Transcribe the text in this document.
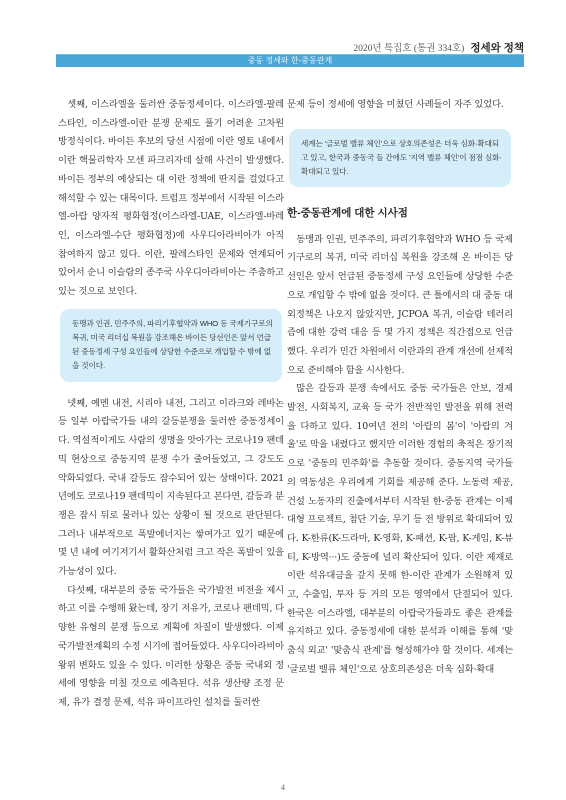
2020년 특집호 (통권 334호) 정세와 정책
중동 정세와 한-중동관계

셋째, 이스라엘을 둘러싼 중동정세이다. 이스라엘-팔레스타인, 이스라엘-이란 분쟁 문제도 풀기 어려운 고차원 방정식이다. 바이든 후보의 당선 시점에 이란 영토 내에서 이란 핵물리학자 모센 파크리자데 살해 사건이 발생했다. 바이든 정부의 예상되는 대 이란 정책에 딴지를 걸었다고 해석할 수 있는 대목이다. 트럼프 정부에서 시작된 이스라엘-아랍 양자적 평화협정(이스라엘-UAE, 이스라엘-바레인, 이스라엘-수단 평화협정)에 사우디아라비아가 아직 참여하지 않고 있다. 이란, 팔레스타인 문제와 연계되어 있어서 순니 이슬람의 종주국 사우디아라비아는 주춤하고 있는 것으로 보인다.

동맹과 인권, 민주주의, 파리기후협약과 WHO 등 국제기구로의 복귀, 미국 리더십 복원을 강조해온 바이든 당선인은 앞서 언급된 중동정세 구성 요인들에 상당한 수준으로 개입할 수 밖에 없을 것이다.

넷째, 예멘 내전, 시리아 내전, 그리고 이라크와 레바논 등 일부 아랍국가들 내의 갈등분쟁을 둘러싼 중동정세이다. 역설적이게도 사람의 생명을 앗아가는 코로나19 팬데믹 현상으로 중동지역 분쟁 수가 줄어들었고, 그 강도도 약화되었다. 국내 갈등도 잠수되어 있는 상태이다. 2021년에도 코로나19 팬데믹이 지속된다고 본다면, 갈등과 분쟁은 잠시 뒤로 물러나 있는 상황이 될 것으로 판단된다. 그러나 내부적으로 폭발에너지는 쌓여가고 있기 때문에 몇 년 내에 여기저기서 활화산처럼 크고 작은 폭발이 있을 가능성이 있다.

다섯째, 대부분의 중동 국가들은 국가발전 비전을 제시하고 이를 수행해 왔는데, 장기 저유가, 코로나 팬데믹, 다양한 유형의 분쟁 등으로 계획에 차질이 발생했다. 이제 국가발전계획의 수정 시기에 접어들었다. 사우디아라비아 왕위 변화도 있을 수 있다. 이러한 상황은 중동 국내외 정세에 영향을 미칠 것으로 예측된다. 석유 생산량 조정 문제, 유가 결정 문제, 석유 파이프라인 설치를 둘러싼

문제 등이 정세에 영향을 미쳤던 사례들이 자주 있었다.

세계는 '글로벌 밸류 체인'으로 상호의존성은 더욱 심화·확대되고 있고, 한국과 중동국 들 간에도 '지역 밸류 체인'이 점점 심화·확대되고 있다.
한-중동관계에 대한 시사점

동맹과 인권, 민주주의, 파리기후협약과 WHO 등 국제기구로의 복귀, 미국 리더십 복원을 강조해 온 바이든 당선인은 앞서 언급된 중동정세 구성 요인들에 상당한 수준으로 개입할 수 밖에 없을 것이다. 큰 틀에서의 대 중동 대외정책은 나오지 않았지만, JCPOA 복귀, 이슬람 테러리즘에 대한 강력 대응 등 몇 가지 정책은 직간접으로 언급했다. 우리가 민간 차원에서 이란과의 관계 개선에 선제적으로 준비해야 함을 시사한다.

많은 갈등과 분쟁 속에서도 중동 국가들은 안보, 경제발전, 사회복지, 교육 등 국가 전반적인 발전을 위해 전력을 다하고 있다. 10여년 전의 '아랍의 봄'이 '아랍의 겨울'로 막을 내렸다고 했지만 이러한 경험의 축적은 장기적으로 '중동의 민주화'를 추동할 것이다. 중동지역 국가들의 역동성은 우리에게 기회를 제공해 준다. 노동력 제공, 건설 노동자의 진출에서부터 시작된 한-중동 관계는 이제 대형 프로젝트, 첨단 기술, 무기 등 전 방위로 확대되어 있다. K-한류(K-드라마, K-영화, K-패션, K-팝, K-게임, K-뷰티, K-방역···)도 중동에 널리 확산되어 있다. 이란 제재로 이란 석유대금을 갚지 못해 한-이란 관계가 소원해져 있고, 수출입, 투자 등 거의 모든 영역에서 단절되어 있다. 한국은 이스라엘, 대부분의 아랍국가들과도 좋은 관계를 유지하고 있다. 중동정세에 대한 분석과 이해를 통해 '맞춤식 외교' '맞춤식 관계'를 형성해가야 할 것이다. 세계는 '글로벌 밸류 체인'으로 상호의존성은 더욱 심화·확대

4
